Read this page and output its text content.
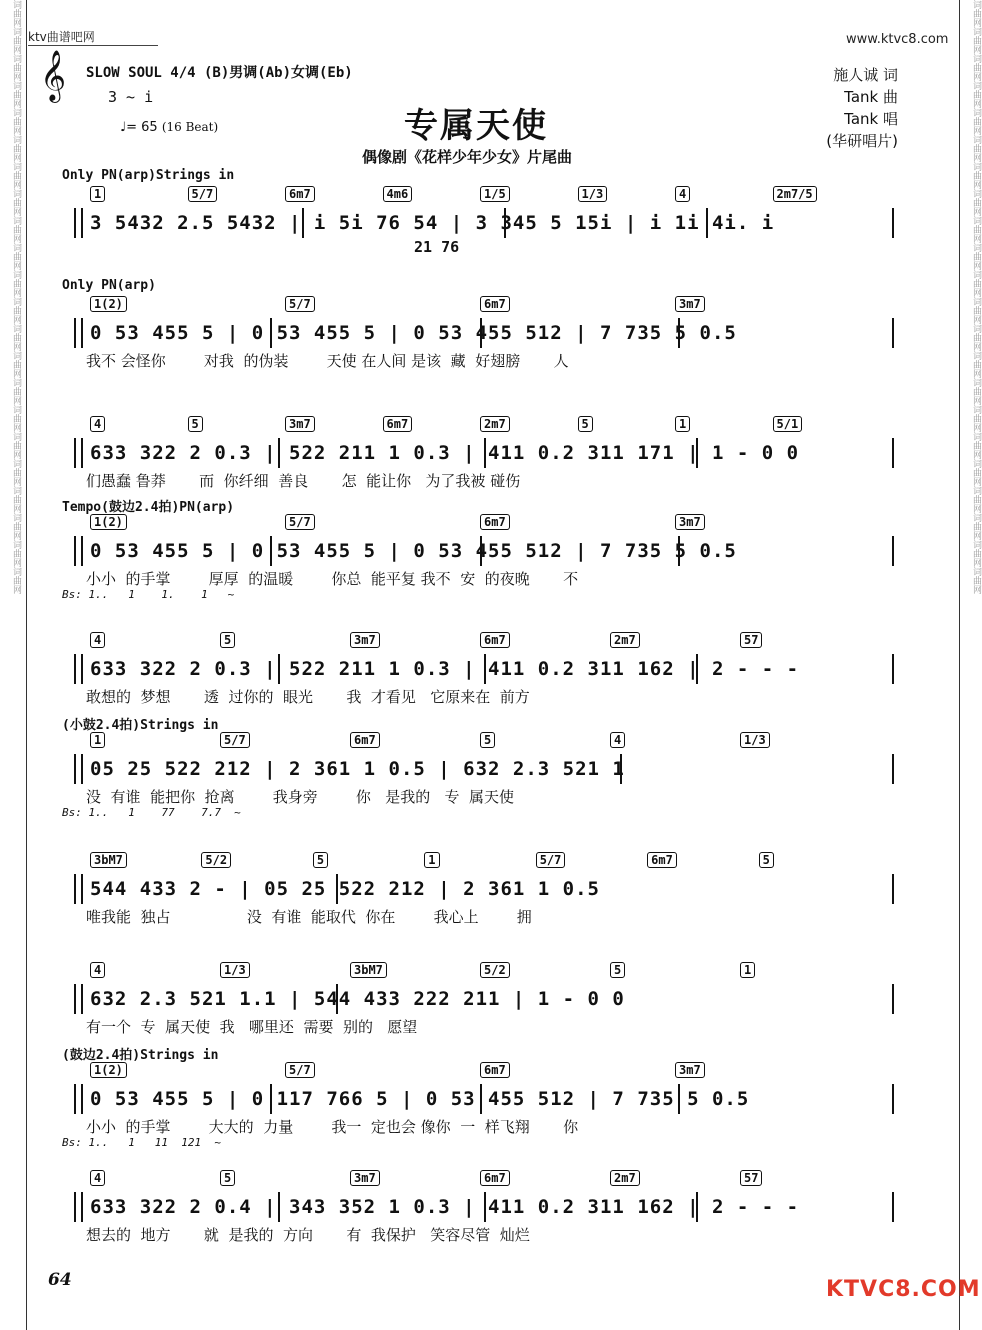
词曲网词曲网词曲网词曲网词曲网词曲网词曲网词曲网词曲网词曲网词曲网词曲网词曲网词曲网词曲网词曲网词曲网词曲网词曲网词曲网词曲网词曲网	词曲网词曲网词曲网词曲网词曲网词曲网词曲网词曲网词曲网词曲网词曲网词曲网词曲网词曲网词曲网词曲网词曲网词曲网词曲网词曲网词曲网词曲网
ktv曲谱吧网	www.ktvc8.com
𝄞 SLOW SOUL 4/4 (B)男调(Ab)女调(Eb)
3 ~ i
♩= 65 (16 Beat)	专属天使
偶像剧《花样少年少女》片尾曲
施人诚 词
Tank 曲
Tank 唱
(华研唱片)
Only PN(arp)Strings in
1	5/7	6m7	4m6	1/5	1/3	4	2m7/5
3 5432 2.5 5432 | i 5i 76 54 | 3 345 5 15i | i 1i 4i. i
21 76
Only PN(arp)
1(2)	5/7	6m7	3m7
0 53 455 5 | 0 53 455 5 | 0 53 455 512 | 7 735 5 0.5
我不 会怪你        对我  的伪装        天使 在人间 是该  藏  好翅膀       人
4	5	3m7	6m7	2m7	5	1	5/1
633 322 2 0.3 | 522 211 1 0.3 | 411 0.2 311 171 | 1 - 0 0
们愚蠢 鲁莽       而  你纤细  善良       怎  能让你   为了我被 碰伤
Tempo(鼓边2.4拍)PN(arp)
1(2)	5/7	6m7	3m7
0 53 455 5 | 0 53 455 5 | 0 53 455 512 | 7 735 5 0.5
小小  的手掌        厚厚  的温暖        你总  能平复 我不  安  的夜晚       不
Bs: 1..   1    1.    1   ~
4	5	3m7	6m7	2m7	57
633 322 2 0.3 | 522 211 1 0.3 | 411 0.2 311 162 | 2 - - -
敢想的  梦想       透  过你的  眼光       我  才看见   它原来在  前方
(小鼓2.4拍)Strings in
1	5/7	6m7	5	4	1/3
05 25 522 212 | 2 361 1 0.5 | 632 2.3 521 1
没  有谁  能把你  抢离        我身旁        你   是我的   专  属天使
Bs: 1..   1    77    7.7  ~
3bM7	5/2	5	1	5/7	6m7	5
544 433 2 - | 05 25 522 212 | 2 361 1 0.5
唯我能  独占                没  有谁  能取代  你在        我心上        拥
4	1/3	3bM7	5/2	5	1
632 2.3 521 1.1 | 544 433 222 211 | 1 - 0 0
有一个  专  属天使  我   哪里还  需要  别的   愿望
(鼓边2.4拍)Strings in
1(2)	5/7	6m7	3m7
0 53 455 5 | 0 117 766 5 | 0 53 455 512 | 7 735 5 0.5
小小  的手掌        大大的  力量        我一  定也会 像你  一  样飞翔       你
Bs: 1..   1   11  121  ~
4	5	3m7	6m7	2m7	57
633 322 2 0.4 | 343 352 1 0.3 | 411 0.2 311 162 | 2 - - -
想去的  地方       就  是我的  方向       有  我保护   笑容尽管  灿烂
64	KTVC8.COM
